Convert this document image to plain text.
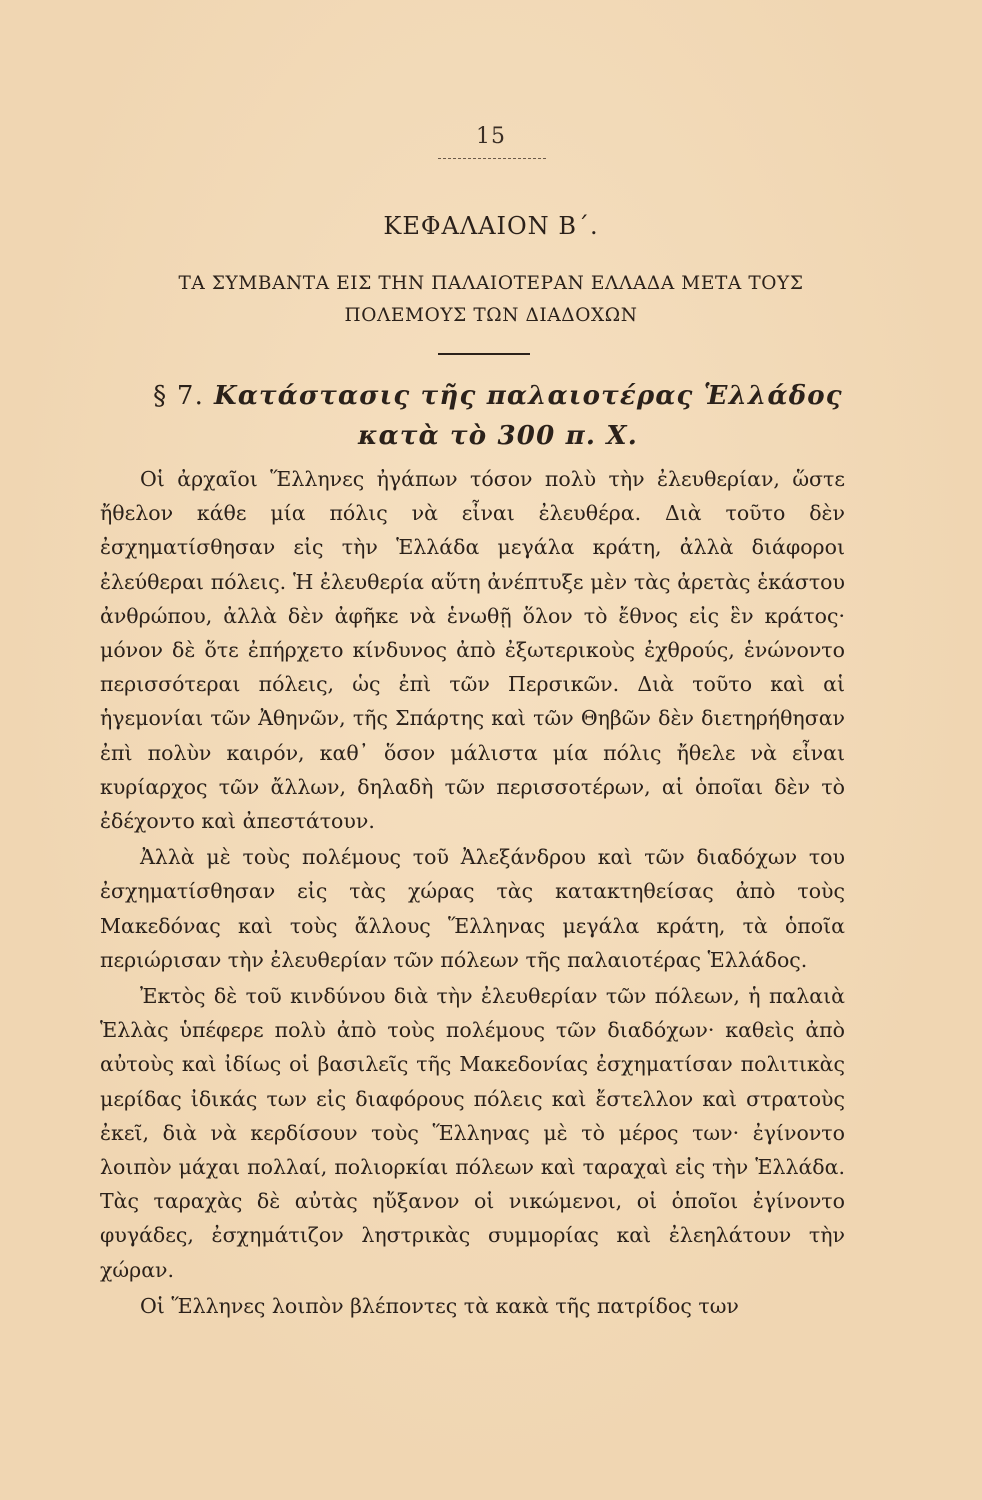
15
ΚΕΦΑΛΑΙΟΝ Β΄.
ΤΑ ΣΥΜΒΑΝΤΑ ΕΙΣ ΤΗΝ ΠΑΛΑΙΟΤΕΡΑΝ ΕΛΛΑΔΑ ΜΕΤΑ ΤΟΥΣ ΠΟΛΕΜΟΥΣ ΤΩΝ ΔΙΑΔΟΧΩΝ
§ 7. Κατάστασις τῆς παλαιοτέρας Ἑλλάδος κατὰ τὸ 300 π. Χ.

Οἱ ἀρχαῖοι Ἕλληνες ἠγάπων τόσον πολὺ τὴν ἐλευθερίαν, ὥστε ἤθελον κάθε μία πόλις νὰ εἶναι ἐλευθέρα. Διὰ τοῦτο δὲν ἐσχηματίσθησαν εἰς τὴν Ἑλλάδα μεγάλα κράτη, ἀλλὰ διάφοροι ἐλεύθεραι πόλεις. Ἡ ἐλευθερία αὕτη ἀνέπτυξε μὲν τὰς ἀρετὰς ἑκάστου ἀνθρώπου, ἀλλὰ δὲν ἀφῆκε νὰ ἑνωθῇ ὅλον τὸ ἔθνος εἰς ἓν κράτος· μόνον δὲ ὅτε ἐπήρχετο κίνδυνος ἀπὸ ἐξωτερικοὺς ἐχθρούς, ἑνώνοντο περισσότεραι πόλεις, ὡς ἐπὶ τῶν Περσικῶν. Διὰ τοῦτο καὶ αἱ ἡγεμονίαι τῶν Ἀθηνῶν, τῆς Σπάρτης καὶ τῶν Θηβῶν δὲν διετηρήθησαν ἐπὶ πολὺν καιρόν, καθ᾽ ὅσον μάλιστα μία πόλις ἤθελε νὰ εἶναι κυρίαρχος τῶν ἄλλων, δηλαδὴ τῶν περισσοτέρων, αἱ ὁποῖαι δὲν τὸ ἐδέχοντο καὶ ἀπεστάτουν.

Ἀλλὰ μὲ τοὺς πολέμους τοῦ Ἀλεξάνδρου καὶ τῶν διαδόχων του ἐσχηματίσθησαν εἰς τὰς χώρας τὰς κατακτηθείσας ἀπὸ τοὺς Μακεδόνας καὶ τοὺς ἄλλους Ἕλληνας μεγάλα κράτη, τὰ ὁποῖα περιώρισαν τὴν ἐλευθερίαν τῶν πόλεων τῆς παλαιοτέρας Ἑλλάδος.

Ἐκτὸς δὲ τοῦ κινδύνου διὰ τὴν ἐλευθερίαν τῶν πόλεων, ἡ παλαιὰ Ἑλλὰς ὑπέφερε πολὺ ἀπὸ τοὺς πολέμους τῶν διαδόχων· καθεὶς ἀπὸ αὐτοὺς καὶ ἰδίως οἱ βασιλεῖς τῆς Μακεδονίας ἐσχηματίσαν πολιτικὰς μερίδας ἰδικάς των εἰς διαφόρους πόλεις καὶ ἔστελλον καὶ στρατοὺς ἐκεῖ, διὰ νὰ κερδίσουν τοὺς Ἕλληνας μὲ τὸ μέρος των· ἐγίνοντο λοιπὸν μάχαι πολλαί, πολιορκίαι πόλεων καὶ ταραχαὶ εἰς τὴν Ἑλλάδα. Τὰς ταραχὰς δὲ αὐτὰς ηὔξανον οἱ νικώμενοι, οἱ ὁποῖοι ἐγίνοντο φυγάδες, ἐσχημάτιζον ληστρικὰς συμμορίας καὶ ἐλεηλάτουν τὴν χώραν.

Οἱ Ἕλληνες λοιπὸν βλέποντες τὰ κακὰ τῆς πατρίδος των
